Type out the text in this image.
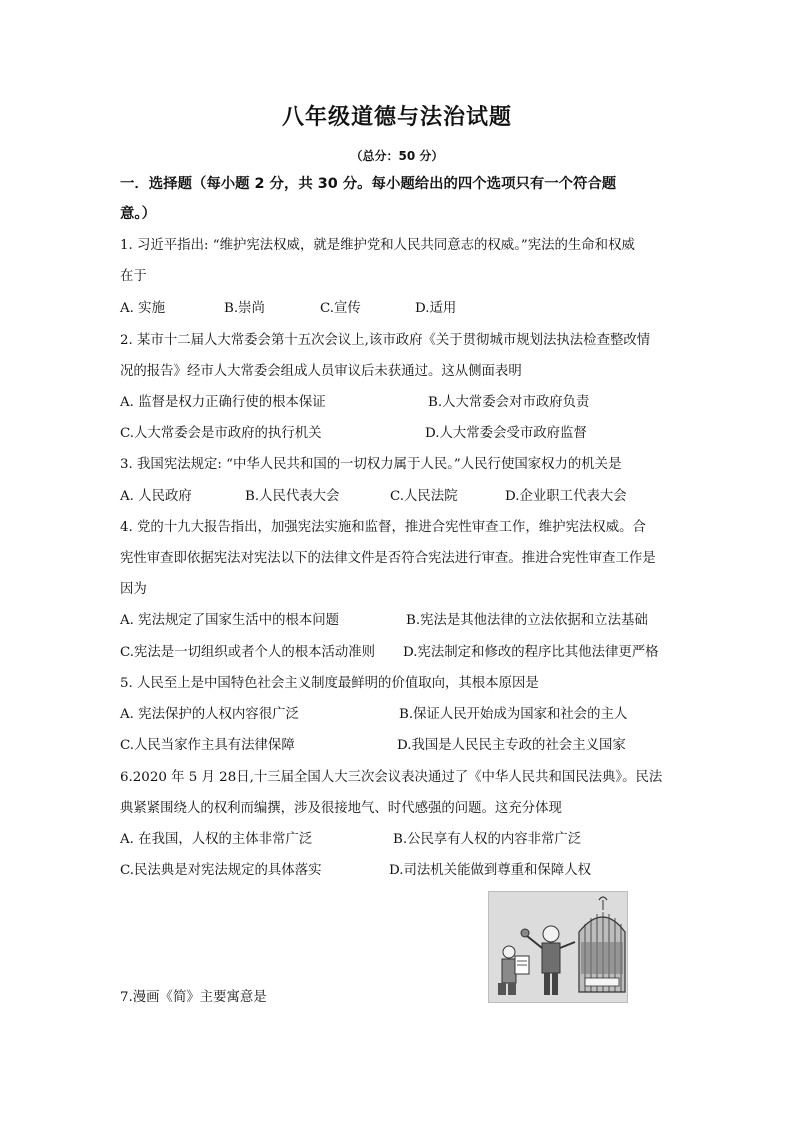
八年级道德与法治试题
（总分：50 分）
一．选择题（每小题 2 分，共 30 分。每小题给出的四个选项只有一个符合题
意。）
1. 习近平指出: “维护宪法权威，就是维护党和人民共同意志的权威。”宪法的生命和权威
在于
A. 实施	B.崇尚	C.宣传	D.适用
2. 某市十二届人大常委会第十五次会议上,该市政府《关于贯彻城市规划法执法检查整改情
况的报告》经市人大常委会组成人员审议后未获通过。这从侧面表明
A. 监督是权力正确行使的根本保证	B.人大常委会对市政府负责
C.人大常委会是市政府的执行机关	D.人大常委会受市政府监督
3. 我国宪法规定: “中华人民共和国的一切权力属于人民。”人民行使国家权力的机关是
A. 人民政府	B.人民代表大会	C.人民法院	D.企业职工代表大会
4. 党的十九大报告指出，加强宪法实施和监督，推进合宪性审查工作，维护宪法权威。合
宪性审查即依据宪法对宪法以下的法律文件是否符合宪法进行审查。推进合宪性审查工作是
因为
A. 宪法规定了国家生活中的根本问题	B.宪法是其他法律的立法依据和立法基础
C.宪法是一切组织或者个人的根本活动准则 D.宪法制定和修改的程序比其他法律更严格
5. 人民至上是中国特色社会主义制度最鲜明的价值取向，其根本原因是
A. 宪法保护的人权内容很广泛	B.保证人民开始成为国家和社会的主人
C.人民当家作主具有法律保障	D.我国是人民民主专政的社会主义国家
6.2020 年 5 月 28日,十三届全国人大三次会议表决通过了《中华人民共和国民法典》。民法
典紧紧围绕人的权利而编撰，涉及很接地气、时代感强的问题。这充分体现
A. 在我国，人权的主体非常广泛	B.公民享有人权的内容非常广泛
C.民法典是对宪法规定的具体落实	D.司法机关能做到尊重和保障人权
7.漫画《简》主要寓意是
